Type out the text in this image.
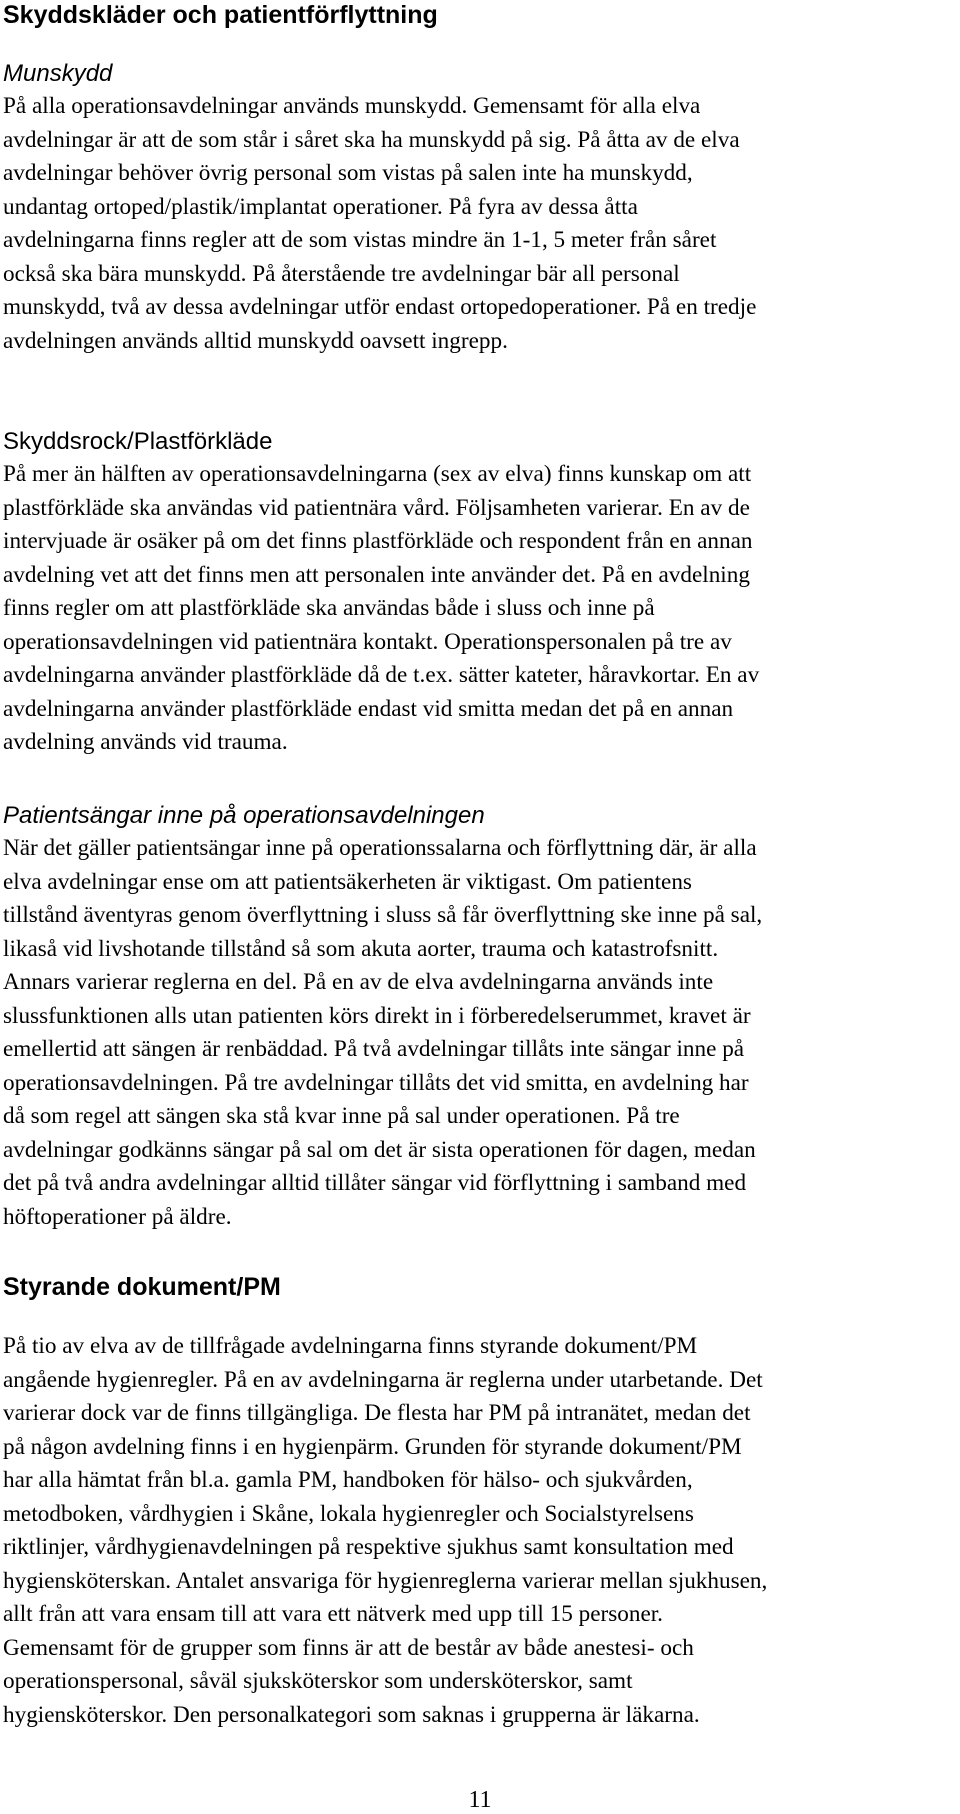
Skyddskläder och patientförflyttning
Munskydd
På alla operationsavdelningar används munskydd. Gemensamt för alla elva
avdelningar är att de som står i såret ska ha munskydd på sig. På åtta av de elva
avdelningar behöver övrig personal som vistas på salen inte ha munskydd,
undantag ortoped/plastik/implantat operationer. På fyra av dessa åtta
avdelningarna finns regler att de som vistas mindre än 1-1, 5 meter från såret
också ska bära munskydd. På återstående tre avdelningar bär all personal
munskydd, två av dessa avdelningar utför endast ortopedoperationer. På en tredje
avdelningen används alltid munskydd oavsett ingrepp.
Skyddsrock/Plastförkläde
På mer än hälften av operationsavdelningarna (sex av elva) finns kunskap om att
plastförkläde ska användas vid patientnära vård. Följsamheten varierar. En av de
intervjuade är osäker på om det finns plastförkläde och respondent från en annan
avdelning vet att det finns men att personalen inte använder det. På en avdelning
finns regler om att plastförkläde ska användas både i sluss och inne på
operationsavdelningen vid patientnära kontakt. Operationspersonalen på tre av
avdelningarna använder plastförkläde då de t.ex. sätter kateter, håravkortar. En av
avdelningarna använder plastförkläde endast vid smitta medan det på en annan
avdelning används vid trauma.
Patientsängar inne på operationsavdelningen
När det gäller patientsängar inne på operationssalarna och förflyttning där, är alla
elva avdelningar ense om att patientsäkerheten är viktigast. Om patientens
tillstånd äventyras genom överflyttning i sluss så får överflyttning ske inne på sal,
likaså vid livshotande tillstånd så som akuta aorter, trauma och katastrofsnitt.
Annars varierar reglerna en del. På en av de elva avdelningarna används inte
slussfunktionen alls utan patienten körs direkt in i förberedelserummet, kravet är
emellertid att sängen är renbäddad. På två avdelningar tillåts inte sängar inne på
operationsavdelningen. På tre avdelningar tillåts det vid smitta, en avdelning har
då som regel att sängen ska stå kvar inne på sal under operationen. På tre
avdelningar godkänns sängar på sal om det är sista operationen för dagen, medan
det på två andra avdelningar alltid tillåter sängar vid förflyttning i samband med
höftoperationer på äldre.
Styrande dokument/PM
På tio av elva av de tillfrågade avdelningarna finns styrande dokument/PM
angående hygienregler. På en av avdelningarna är reglerna under utarbetande. Det
varierar dock var de finns tillgängliga. De flesta har PM på intranätet, medan det
på någon avdelning finns i en hygienpärm. Grunden för styrande dokument/PM
har alla hämtat från bl.a. gamla PM, handboken för hälso- och sjukvården,
metodboken, vårdhygien i Skåne, lokala hygienregler och Socialstyrelsens
riktlinjer, vårdhygienavdelningen på respektive sjukhus samt konsultation med
hygiensköterskan. Antalet ansvariga för hygienreglerna varierar mellan sjukhusen,
allt från att vara ensam till att vara ett nätverk med upp till 15 personer.
Gemensamt för de grupper som finns är att de består av både anestesi- och
operationspersonal, såväl sjuksköterskor som undersköterskor, samt
hygiensköterskor. Den personalkategori som saknas i grupperna är läkarna.
11
